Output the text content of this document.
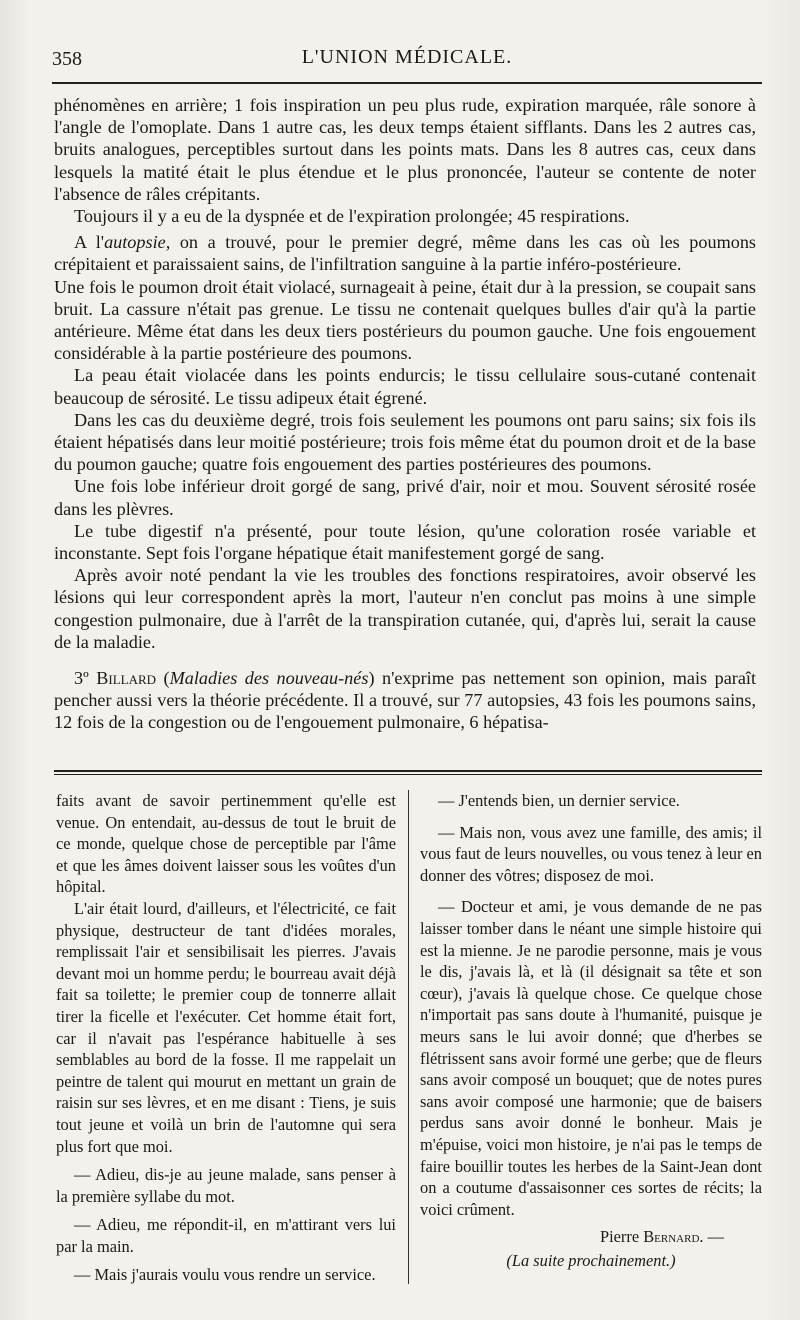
358	L'UNION MÉDICALE.

phénomènes en arrière; 1 fois inspiration un peu plus rude, expiration marquée, râle sonore à l'angle de l'omoplate. Dans 1 autre cas, les deux temps étaient sifflants. Dans les 2 autres cas, bruits analogues, perceptibles surtout dans les points mats. Dans les 8 autres cas, ceux dans lesquels la matité était le plus étendue et le plus prononcée, l'auteur se contente de noter l'absence de râles crépitants.

Toujours il y a eu de la dyspnée et de l'expiration prolongée; 45 respirations.

A l'autopsie, on a trouvé, pour le premier degré, même dans les cas où les poumons crépitaient et paraissaient sains, de l'infiltration sanguine à la partie inféro-postérieure.

Une fois le poumon droit était violacé, surnageait à peine, était dur à la pression, se coupait sans bruit. La cassure n'était pas grenue. Le tissu ne contenait quelques bulles d'air qu'à la partie antérieure. Même état dans les deux tiers postérieurs du poumon gauche. Une fois engouement considérable à la partie postérieure des poumons.

La peau était violacée dans les points endurcis; le tissu cellulaire sous-cutané contenait beaucoup de sérosité. Le tissu adipeux était égrené.

Dans les cas du deuxième degré, trois fois seulement les poumons ont paru sains; six fois ils étaient hépatisés dans leur moitié postérieure; trois fois même état du poumon droit et de la base du poumon gauche; quatre fois engouement des parties postérieures des poumons.

Une fois lobe inférieur droit gorgé de sang, privé d'air, noir et mou. Souvent sérosité rosée dans les plèvres.

Le tube digestif n'a présenté, pour toute lésion, qu'une coloration rosée variable et inconstante. Sept fois l'organe hépatique était manifestement gorgé de sang.

Après avoir noté pendant la vie les troubles des fonctions respiratoires, avoir observé les lésions qui leur correspondent après la mort, l'auteur n'en conclut pas moins à une simple congestion pulmonaire, due à l'arrêt de la transpiration cutanée, qui, d'après lui, serait la cause de la maladie.

3º Billard (Maladies des nouveau-nés) n'exprime pas nettement son opinion, mais paraît pencher aussi vers la théorie précédente. Il a trouvé, sur 77 autopsies, 43 fois les poumons sains, 12 fois de la congestion ou de l'engouement pulmonaire, 6 hépatisa-

faits avant de savoir pertinemment qu'elle est venue. On entendait, au-dessus de tout le bruit de ce monde, quelque chose de perceptible par l'âme et que les âmes doivent laisser sous les voûtes d'un hôpital.

L'air était lourd, d'ailleurs, et l'électricité, ce fait physique, destructeur de tant d'idées morales, remplissait l'air et sensibilisait les pierres. J'avais devant moi un homme perdu; le bourreau avait déjà fait sa toilette; le premier coup de tonnerre allait tirer la ficelle et l'exécuter. Cet homme était fort, car il n'avait pas l'espérance habituelle à ses semblables au bord de la fosse. Il me rappelait un peintre de talent qui mourut en mettant un grain de raisin sur ses lèvres, et en me disant : Tiens, je suis tout jeune et voilà un brin de l'automne qui sera plus fort que moi.

— Adieu, dis-je au jeune malade, sans penser à la première syllabe du mot.

— Adieu, me répondit-il, en m'attirant vers lui par la main.

— Mais j'aurais voulu vous rendre un service.

— J'entends bien, un dernier service.

— Mais non, vous avez une famille, des amis; il vous faut de leurs nouvelles, ou vous tenez à leur en donner des vôtres; disposez de moi.

— Docteur et ami, je vous demande de ne pas laisser tomber dans le néant une simple histoire qui est la mienne. Je ne parodie personne, mais je vous le dis, j'avais là, et là (il désignait sa tête et son cœur), j'avais là quelque chose. Ce quelque chose n'importait pas sans doute à l'humanité, puisque je meurs sans le lui avoir donné; que d'herbes se flétrissent sans avoir formé une gerbe; que de fleurs sans avoir composé un bouquet; que de notes pures sans avoir composé une harmonie; que de baisers perdus sans avoir donné le bonheur. Mais je m'épuise, voici mon histoire, je n'ai pas le temps de faire bouillir toutes les herbes de la Saint-Jean dont on a coutume d'assaisonner ces sortes de récits; la voici crûment.

Pierre Bernard. —
(La suite prochainement.)
